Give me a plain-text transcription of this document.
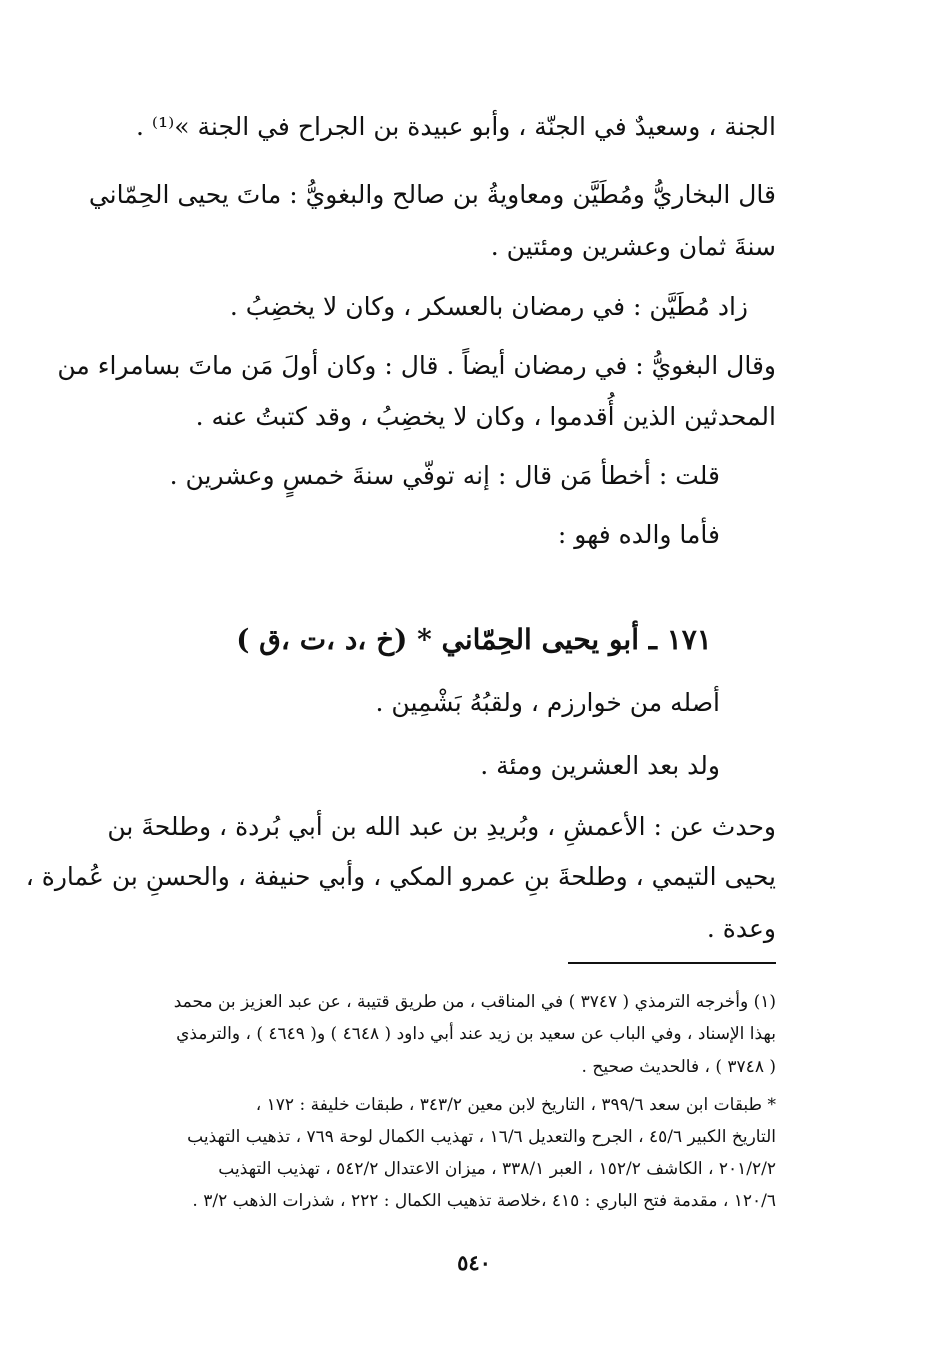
الجنة ، وسعيدٌ في الجنّة ، وأبو عبيدة بن الجراح في الجنة »⁽¹⁾ .
قال البخاريُّ ومُطَيَّن ومعاويةُ بن صالح والبغويُّ : ماتَ يحيى الحِمّاني
سنةَ ثمان وعشرين ومئتين .
زاد مُطَيَّن : في رمضان بالعسكر ، وكان لا يخضِبُ .
وقال البغويُّ : في رمضان أيضاً . قال : وكان أولَ مَن ماتَ بسامراء من
المحدثين الذين أُقدموا ، وكان لا يخضِبُ ، وقد كتبتُ عنه .
قلت : أخطأ مَن قال : إنه توفّي سنةَ خمسٍ وعشرين .
فأما والده فهو :
١٧١ ـ أبو يحيى الحِمّاني * (خ ،د ،ت ،ق )
أصله من خوارزم ، ولقبُهُ بَشْمِين .
ولد بعد العشرين ومئة .
وحدث عن : الأعمشِ ، وبُريدِ بن عبد الله بن أبي بُردة ، وطلحةَ بن
يحيى التيمي ، وطلحةَ بنِ عمرو المكي ، وأبي حنيفة ، والحسنِ بن عُمارة ،
وعدة .
(١) وأخرجه الترمذي ( ٣٧٤٧ ) في المناقب ، من طريق قتيبة ، عن عبد العزيز بن محمد
بهذا الإسناد ، وفي الباب عن سعيد بن زيد عند أبي داود ( ٤٦٤٨ ) و( ٤٦٤٩ ) ، والترمذي
( ٣٧٤٨ ) ، فالحديث صحيح .
* طبقات ابن سعد ٣٩٩/٦ ، التاريخ لابن معين ٣٤٣/٢ ، طبقات خليفة : ١٧٢ ،
التاريخ الكبير ٤٥/٦ ، الجرح والتعديل ١٦/٦ ، تهذيب الكمال لوحة ٧٦٩ ، تذهيب التهذيب
٢٠١/٢/٢ ، الكاشف ١٥٢/٢ ، العبر ٣٣٨/١ ، ميزان الاعتدال ٥٤٢/٢ ، تهذيب التهذيب
١٢٠/٦ ، مقدمة فتح الباري : ٤١٥ ،خلاصة تذهيب الكمال : ٢٢٢ ، شذرات الذهب ٣/٢ .
٥٤٠
